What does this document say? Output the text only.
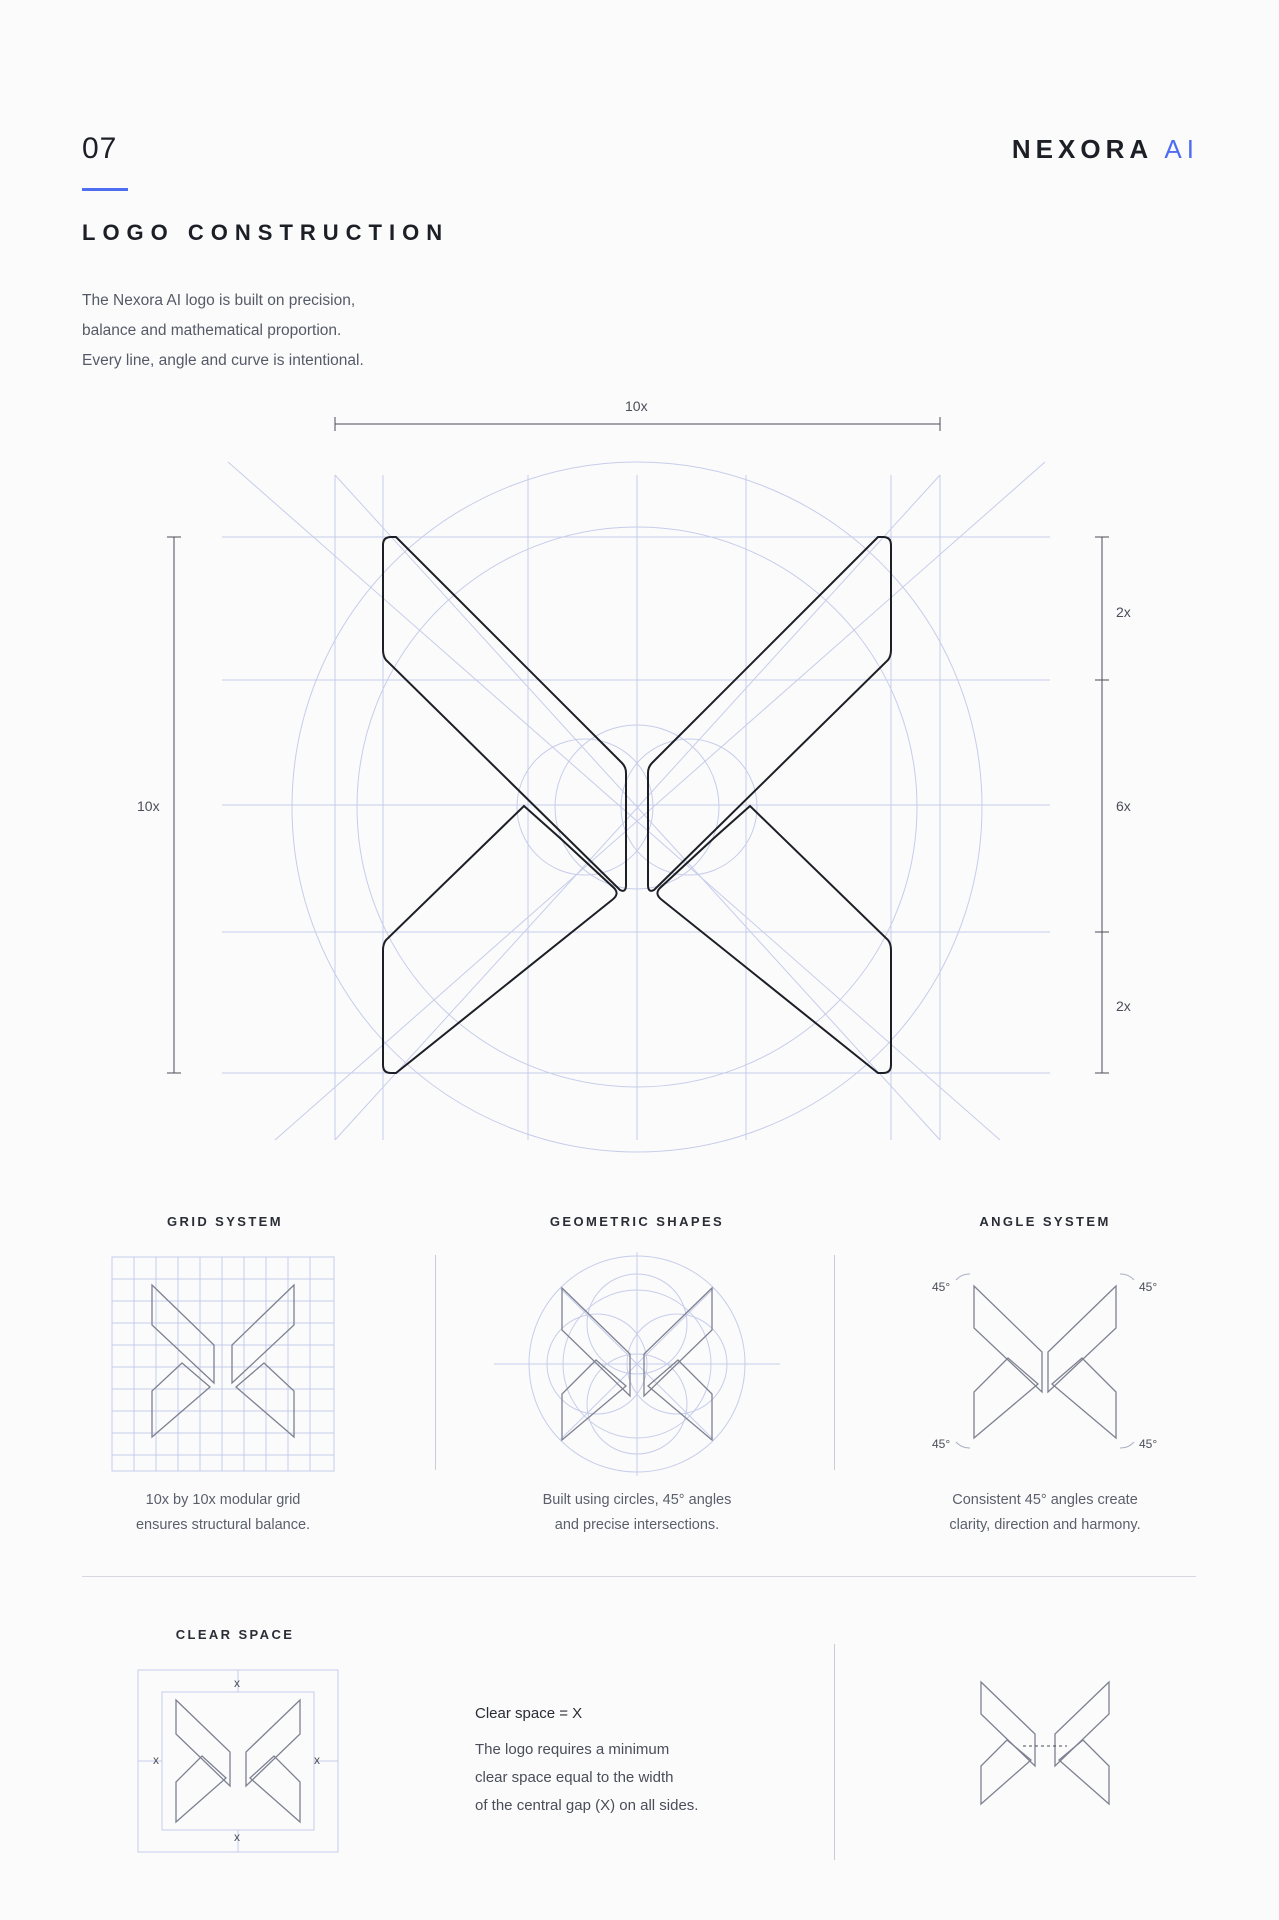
07	NEXORA AI
LOGO CONSTRUCTION
The Nexora AI logo is built on precision,
balance and mathematical proportion.
Every line, angle and curve is intentional.
10x
10x
2x
6x
2x
GRID SYSTEM
10x by 10x modular grid
ensures structural balance.
GEOMETRIC SHAPES
Built using circles, 45° angles
and precise intersections.
ANGLE SYSTEM
45°	45°
45°	45°
Consistent 45° angles create
clarity, direction and harmony.
CLEAR SPACE
x
x
x	x
Clear space = X
The logo requires a minimum
clear space equal to the width
of the central gap (X) on all sides.
